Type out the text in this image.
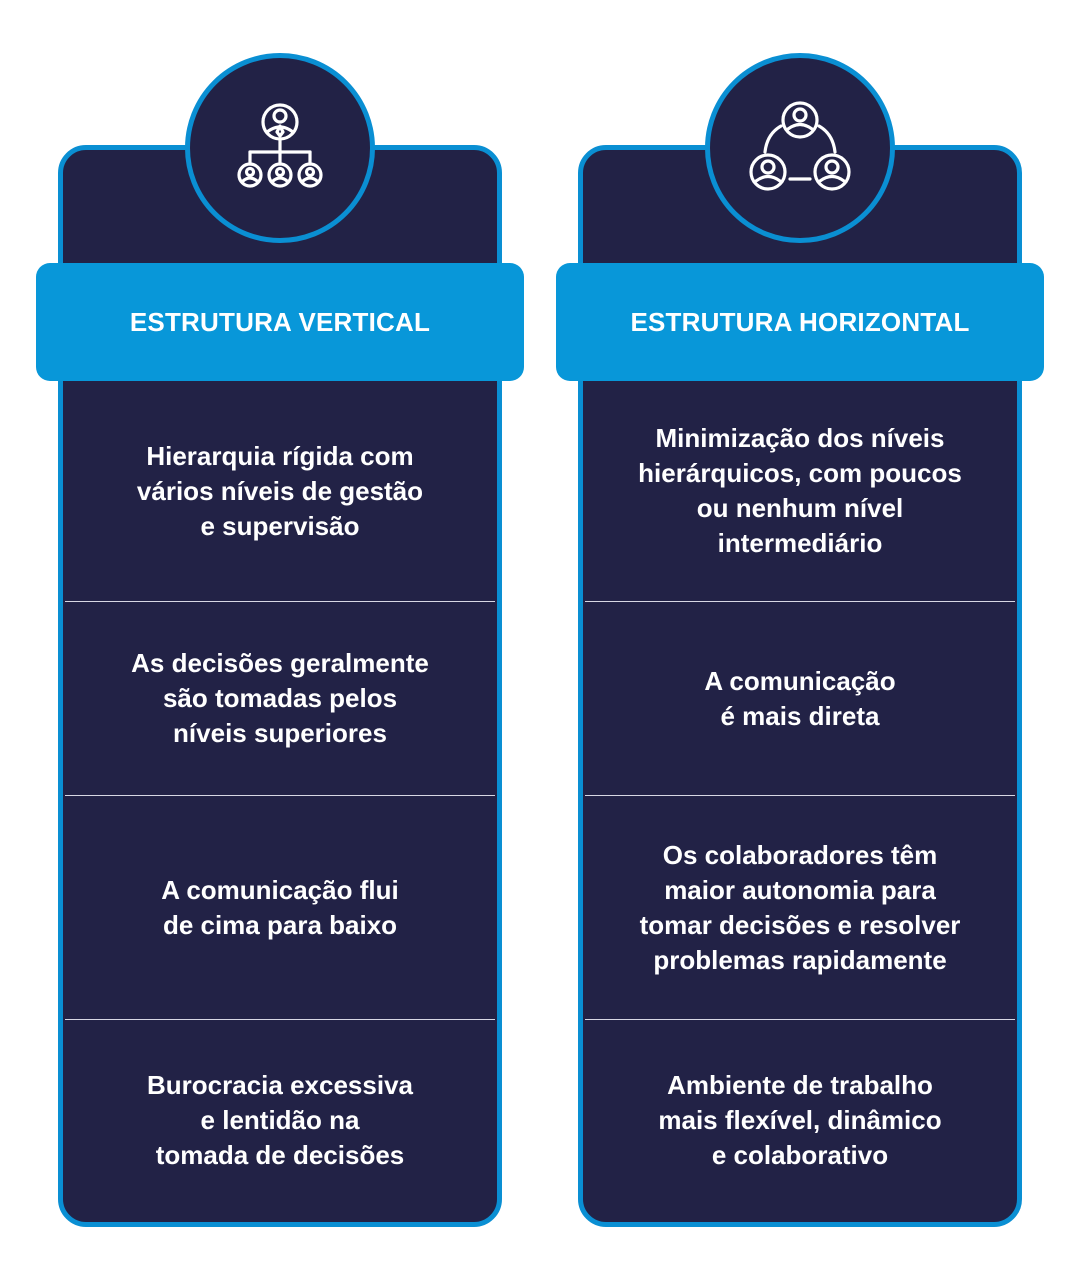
ESTRUTURA VERTICAL
Hierarquia rígida com
vários níveis de gestão
e supervisão
As decisões geralmente
são tomadas pelos
níveis superiores
A comunicação flui
de cima para baixo
Burocracia excessiva
e lentidão na
tomada de decisões
ESTRUTURA HORIZONTAL
Minimização dos níveis
hierárquicos, com poucos
ou nenhum nível
intermediário
A comunicação
é mais direta
Os colaboradores têm
maior autonomia para
tomar decisões e resolver
problemas rapidamente
Ambiente de trabalho
mais flexível, dinâmico
e colaborativo
